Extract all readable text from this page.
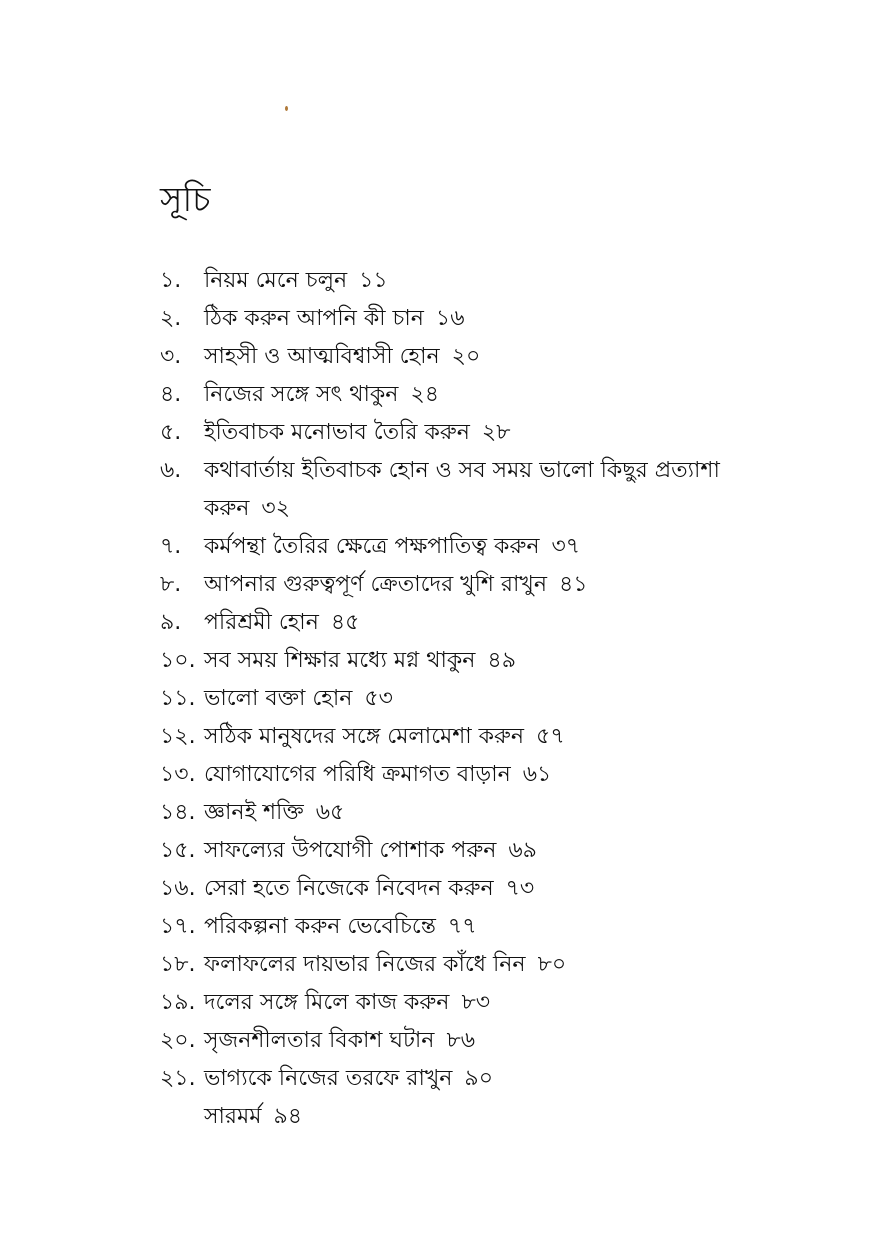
সূচি
১.	নিয়ম মেনে চলুন ১১
২.	ঠিক করুন আপনি কী চান ১৬
৩.	সাহসী ও আত্মবিশ্বাসী হোন ২০
৪.	নিজের সঙ্গে সৎ থাকুন ২৪
৫.	ইতিবাচক মনোভাব তৈরি করুন ২৮
৬.	কথাবার্তায় ইতিবাচক হোন ও সব সময় ভালো কিছুর প্রত্যাশা করুন ৩২
৭.	কর্মপন্থা তৈরির ক্ষেত্রে পক্ষপাতিত্ব করুন ৩৭
৮.	আপনার গুরুত্বপূর্ণ ক্রেতাদের খুশি রাখুন ৪১
৯.	পরিশ্রমী হোন ৪৫
১০. সব সময় শিক্ষার মধ্যে মগ্ন থাকুন ৪৯
১১. ভালো বক্তা হোন ৫৩
১২. সঠিক মানুষদের সঙ্গে মেলামেশা করুন ৫৭
১৩. যোগাযোগের পরিধি ক্রমাগত বাড়ান ৬১
১৪. জ্ঞানই শক্তি ৬৫
১৫. সাফল্যের উপযোগী পোশাক পরুন ৬৯
১৬. সেরা হতে নিজেকে নিবেদন করুন ৭৩
১৭. পরিকল্পনা করুন ভেবেচিন্তে ৭৭
১৮. ফলাফলের দায়ভার নিজের কাঁধে নিন ৮০
১৯. দলের সঙ্গে মিলে কাজ করুন ৮৩
২০. সৃজনশীলতার বিকাশ ঘটান ৮৬
২১. ভাগ্যকে নিজের তরফে রাখুন ৯০
সারমর্ম ৯৪
